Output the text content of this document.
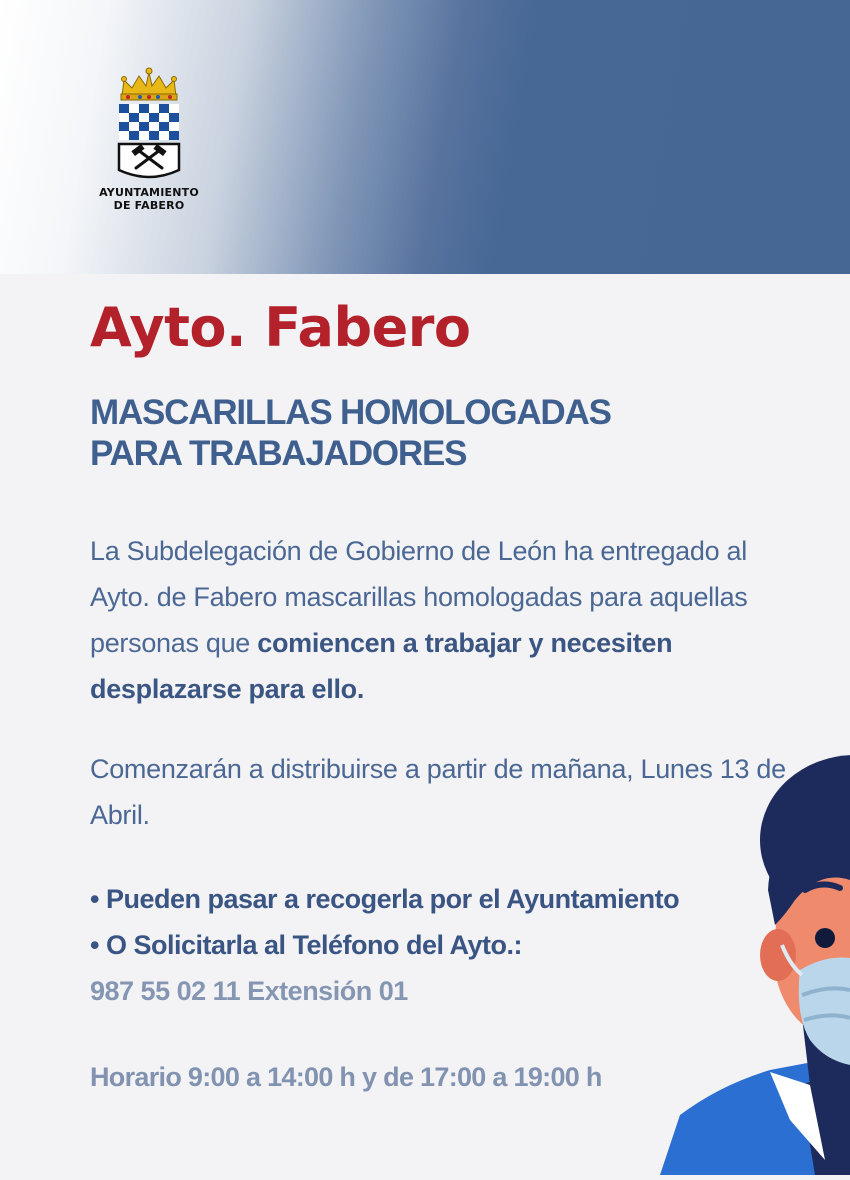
AYUNTAMIENTO
DE FABERO
Ayto. Fabero
MASCARILLAS HOMOLOGADAS
PARA TRABAJADORES
La Subdelegación de Gobierno de León ha entregado al Ayto. de Fabero mascarillas homologadas para aquellas personas que comiencen a trabajar y necesiten desplazarse para ello.
Comenzarán a distribuirse a partir de mañana, Lunes 13 de Abril.
• Pueden pasar a recogerla por el Ayuntamiento
• O Solicitarla al Teléfono del Ayto.:
987 55 02 11 Extensión 01
Horario 9:00 a 14:00 h y de 17:00 a 19:00 h
